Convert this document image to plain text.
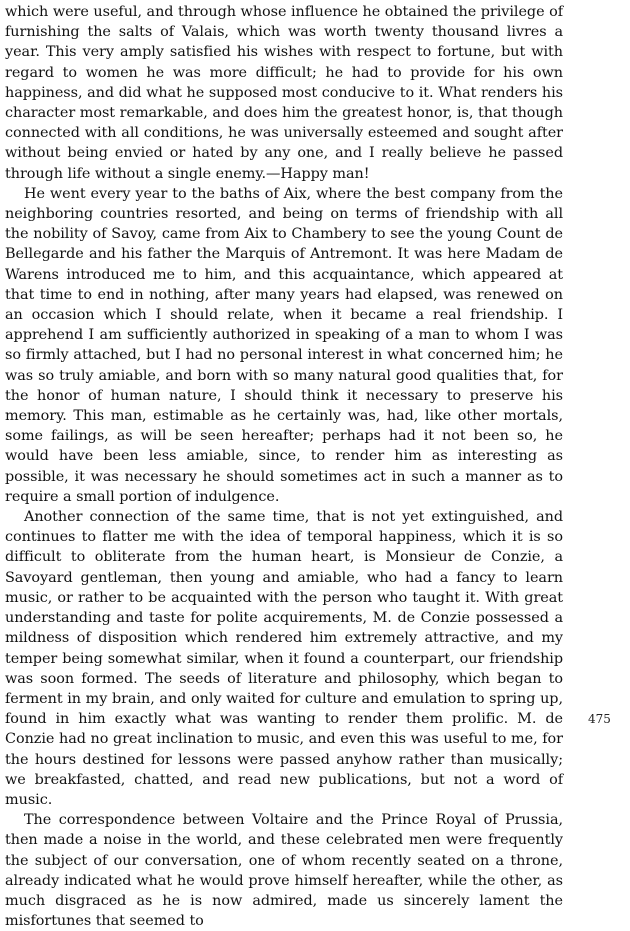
which were useful, and through whose influence he obtained the privilege of furnishing the salts of Valais, which was worth twenty thousand livres a year. This very amply satisfied his wishes with respect to fortune, but with regard to women he was more difficult; he had to provide for his own happiness, and did what he supposed most conducive to it. What renders his character most remarkable, and does him the greatest honor, is, that though connected with all conditions, he was universally esteemed and sought after without being envied or hated by any one, and I really believe he passed through life without a single enemy.—Happy man!

He went every year to the baths of Aix, where the best company from the neighboring countries resorted, and being on terms of friendship with all the nobility of Savoy, came from Aix to Chambery to see the young Count de Bellegarde and his father the Marquis of Antremont. It was here Madam de Warens introduced me to him, and this acquaintance, which appeared at that time to end in nothing, after many years had elapsed, was renewed on an occasion which I should relate, when it became a real friendship. I apprehend I am sufficiently authorized in speaking of a man to whom I was so firmly attached, but I had no personal interest in what concerned him; he was so truly amiable, and born with so many natural good qualities that, for the honor of human nature, I should think it necessary to preserve his memory. This man, estimable as he certainly was, had, like other mortals, some failings, as will be seen hereafter; perhaps had it not been so, he would have been less amiable, since, to render him as interesting as possible, it was necessary he should sometimes act in such a manner as to require a small portion of indulgence.

Another connection of the same time, that is not yet extinguished, and continues to flatter me with the idea of temporal happiness, which it is so difficult to obliterate from the human heart, is Monsieur de Conzie, a Savoyard gentleman, then young and amiable, who had a fancy to learn music, or rather to be acquainted with the person who taught it. With great understanding and taste for polite acquirements, M. de Conzie possessed a mildness of disposition which rendered him extremely attractive, and my temper being somewhat similar, when it found a counterpart, our friendship was soon formed. The seeds of literature and philosophy, which began to ferment in my brain, and only waited for culture and emulation to spring up, found in him exactly what was wanting to render them prolific. M. de Conzie had no great inclination to music, and even this was useful to me, for the hours destined for lessons were passed anyhow rather than musically; we breakfasted, chatted, and read new publications, but not a word of music.

The correspondence between Voltaire and the Prince Royal of Prussia, then made a noise in the world, and these celebrated men were frequently the subject of our conversation, one of whom recently seated on a throne, already indicated what he would prove himself hereafter, while the other, as much disgraced as he is now admired, made us sincerely lament the misfortunes that seemed to

475
